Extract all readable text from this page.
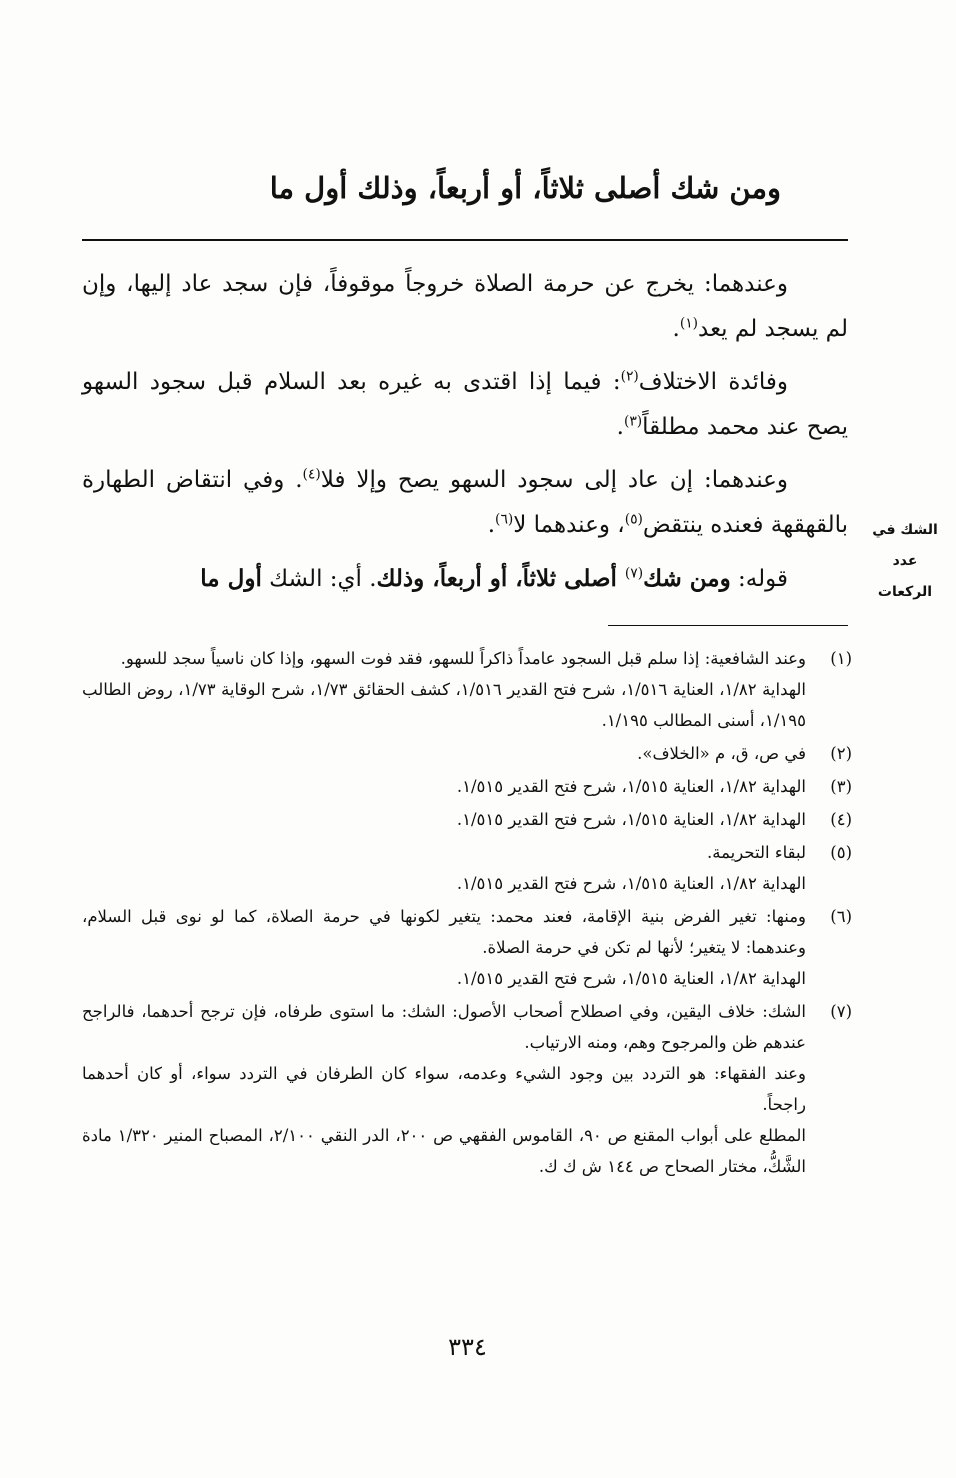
ومن شك أصلى ثلاثاً، أو أربعاً، وذلك أول ما

وعندهما: يخرج عن حرمة الصلاة خروجاً موقوفاً، فإن سجد عاد إليها، وإن لم يسجد لم يعد$^{(١)}$.

وفائدة الاختلاف$^{(٢)}$: فيما إذا اقتدى به غيره بعد السلام قبل سجود السهو يصح عند محمد مطلقاً$^{(٣)}$.

وعندهما: إن عاد إلى سجود السهو يصح وإلا فلا$^{(٤)}$. وفي انتقاض الطهارة بالقهقهة فعنده ينتقض$^{(٥)}$، وعندهما لا$^{(٦)}$.

قوله: ومن شك$^{(٧)}$ أصلى ثلاثاً، أو أربعاً، وذلك. أي: الشك أول ما

الشك في
عدد
الركعات
(١)
وعند الشافعية: إذا سلم قبل السجود عامداً ذاكراً للسهو، فقد فوت السهو، وإذا كان ناسياً سجد للسهو.
الهداية ١/٨٢، العناية ١/٥١٦، شرح فتح القدير ١/٥١٦، كشف الحقائق ١/٧٣، شرح الوقاية ١/٧٣، روض الطالب ١/١٩٥، أسنى المطالب ١/١٩٥.
(٢)
في ص، ق، م «الخلاف».
(٣)
الهداية ١/٨٢، العناية ١/٥١٥، شرح فتح القدير ١/٥١٥.
(٤)
الهداية ١/٨٢، العناية ١/٥١٥، شرح فتح القدير ١/٥١٥.
(٥)
لبقاء التحريمة.
الهداية ١/٨٢، العناية ١/٥١٥، شرح فتح القدير ١/٥١٥.
(٦)
ومنها: تغير الفرض بنية الإقامة، فعند محمد: يتغير لكونها في حرمة الصلاة، كما لو نوى قبل السلام، وعندهما: لا يتغير؛ لأنها لم تكن في حرمة الصلاة.
الهداية ١/٨٢، العناية ١/٥١٥، شرح فتح القدير ١/٥١٥.
(٧)
الشك: خلاف اليقين، وفي اصطلاح أصحاب الأصول: الشك: ما استوى طرفاه، فإن ترجح أحدهما، فالراجح عندهم ظن والمرجوح وهم، ومنه الارتياب.
وعند الفقهاء: هو التردد بين وجود الشيء وعدمه، سواء كان الطرفان في التردد سواء، أو كان أحدهما راجحاً.
المطلع على أبواب المقنع ص ٩٠، القاموس الفقهي ص ٢٠٠، الدر النقي ٢/١٠٠، المصباح المنير ١/٣٢٠ مادة الشَّكُّ، مختار الصحاح ص ١٤٤ ش ك ك.
٣٣٤
